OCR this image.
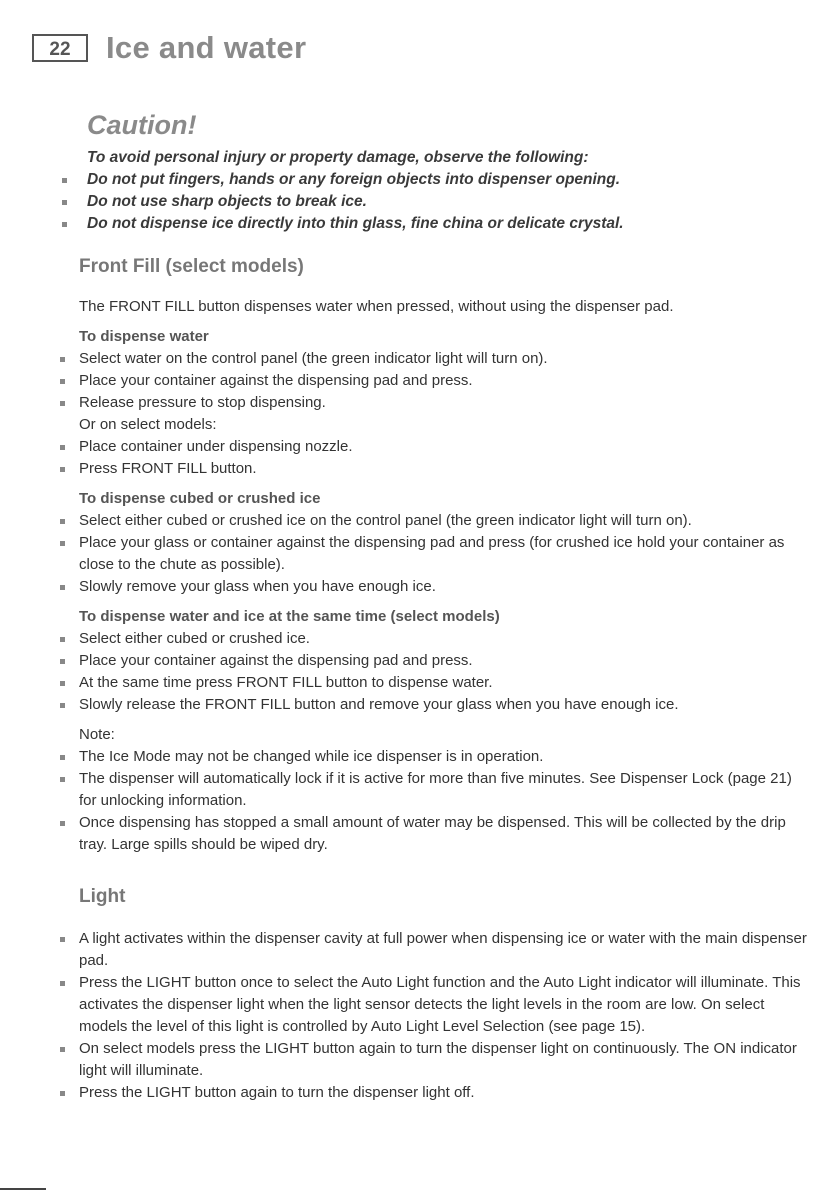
22	Ice and water
Caution!
To avoid personal injury or property damage, observe the following:
Do not put fingers, hands or any foreign objects into dispenser opening.
Do not use sharp objects to break ice.
Do not dispense ice directly into thin glass, fine china or delicate crystal.
Front Fill (select models)

The FRONT FILL button dispenses water when pressed, without using the dispenser pad.

To dispense water

Select water on the control panel (the green indicator light will turn on).

Place your container against the dispensing pad and press.

Release pressure to stop dispensing.

Or on select models:

Place container under dispensing nozzle.

Press FRONT FILL button.

To dispense cubed or crushed ice

Select either cubed or crushed ice on the control panel (the green indicator light will turn on).

Place your glass or container against the dispensing pad and press (for crushed ice hold your container as close to the chute as possible).

Slowly remove your glass when you have enough ice.

To dispense water and ice at the same time (select models)

Select either cubed or crushed ice.

Place your container against the dispensing pad and press.

At the same time press FRONT FILL button to dispense water.

Slowly release the FRONT FILL button and remove your glass when you have enough ice.

Note:

The Ice Mode may not be changed while ice dispenser is in operation.

The dispenser will automatically lock if it is active for more than five minutes. See Dispenser Lock (page 21) for unlocking information.

Once dispensing has stopped a small amount of water may be dispensed. This will be collected by the drip tray. Large spills should be wiped dry.

Light

A light activates within the dispenser cavity at full power when dispensing ice or water with the main dispenser pad.

Press the LIGHT button once to select the Auto Light function and the Auto Light indicator will illuminate. This activates the dispenser light when the light sensor detects the light levels in the room are low. On select models the level of this light is controlled by Auto Light Level Selection (see page 15).

On select models press the LIGHT button again to turn the dispenser light on continuously. The ON indicator light will illuminate.

Press the LIGHT button again to turn the dispenser light off.
